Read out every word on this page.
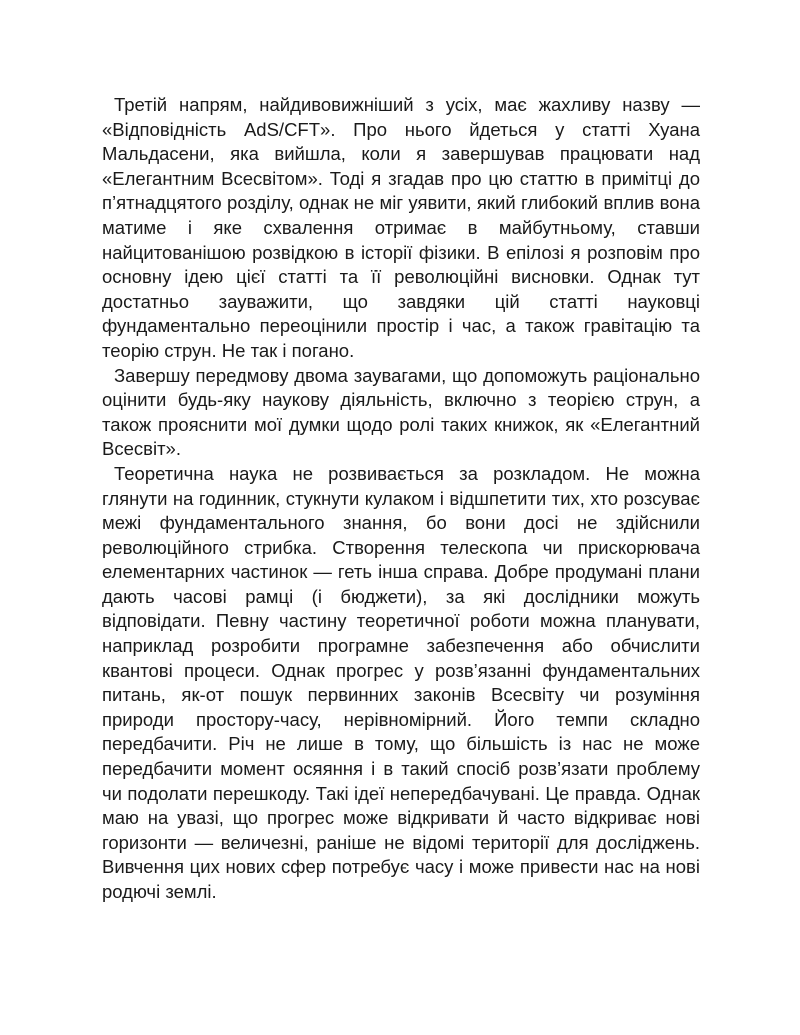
Третій напрям, найдивовижніший з усіх, має жахливу назву — «Відповідність AdS/CFT». Про нього йдеться у статті Хуана Мальдасени, яка вийшла, коли я завершував працювати над «Елегантним Всесвітом». Тоді я згадав про цю статтю в примітці до п’ятнадцятого розділу, однак не міг уявити, який глибокий вплив вона матиме і яке схвалення отримає в майбутньому, ставши найцитованішою розвідкою в історії фізики. В епілозі я розповім про основну ідею цієї статті та її революційні висновки. Однак тут достатньо зауважити, що завдяки цій статті науковці фундаментально переоцінили простір і час, а також гравітацію та теорію струн. Не так і погано.

Завершу передмову двома заувагами, що допоможуть раціонально оцінити будь-яку наукову діяльність, включно з теорією струн, а також прояснити мої думки щодо ролі таких книжок, як «Елегантний Всесвіт».

Теоретична наука не розвивається за розкладом. Не можна глянути на годинник, стукнути кулаком і відшпетити тих, хто розсуває межі фундаментального знання, бо вони досі не здійснили революційного стрибка. Створення телескопа чи прискорювача елементарних частинок — геть інша справа. Добре продумані плани дають часові рамці (і бюджети), за які дослідники можуть відповідати. Певну частину теоретичної роботи можна планувати, наприклад розробити програмне забезпечення або обчислити квантові процеси. Однак прогрес у розв’язанні фундаментальних питань, як-от пошук первинних законів Всесвіту чи розуміння природи простору-часу, нерівномірний. Його темпи складно передбачити. Річ не лише в тому, що більшість із нас не може передбачити момент осяяння і в такий спосіб розв’язати проблему чи подолати перешкоду. Такі ідеї непередбачувані. Це правда. Однак маю на увазі, що прогрес може відкривати й часто відкриває нові горизонти — величезні, раніше не відомі території для досліджень. Вивчення цих нових сфер потребує часу і може привести нас на нові родючі землі.
